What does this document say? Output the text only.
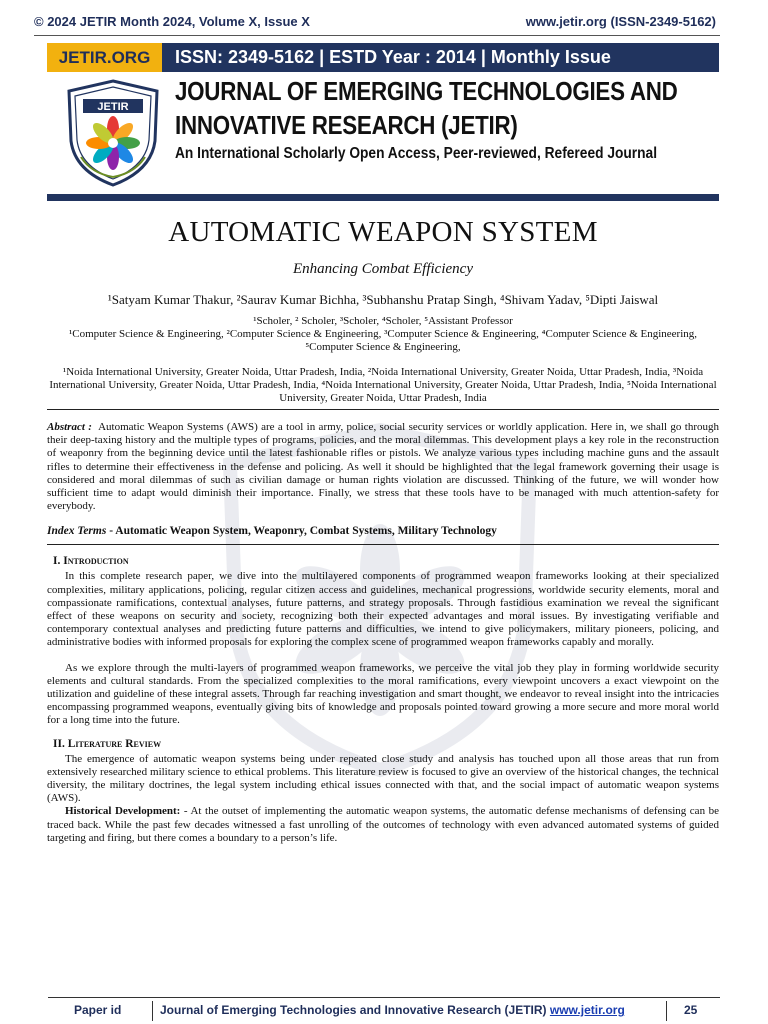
© 2024 JETIR Month 2024, Volume X, Issue X	www.jetir.org (ISSN-2349-5162)
JETIR.ORG	ISSN: 2349-5162 | ESTD Year : 2014 | Monthly Issue
JETIR
JOURNAL OF EMERGING TECHNOLOGIES AND
INNOVATIVE RESEARCH (JETIR)
An International Scholarly Open Access, Peer-reviewed, Refereed Journal
AUTOMATIC WEAPON SYSTEM
Enhancing Combat Efficiency
¹Satyam Kumar Thakur, ²Saurav Kumar Bichha, ³Subhanshu Pratap Singh, ⁴Shivam Yadav, ⁵Dipti Jaiswal
¹Scholer, ² Scholer, ³Scholer, ⁴Scholer, ⁵Assistant Professor
¹Computer Science & Engineering, ²Computer Science & Engineering, ³Computer Science & Engineering, ⁴Computer Science & Engineering, ⁵Computer Science & Engineering,
¹Noida International University, Greater Noida, Uttar Pradesh, India, ²Noida International University, Greater Noida, Uttar Pradesh, India, ³Noida International University, Greater Noida, Uttar Pradesh, India, ⁴Noida International University, Greater Noida, Uttar Pradesh, India, ⁵Noida International University, Greater Noida, Uttar Pradesh, India
Abstract : Automatic Weapon Systems (AWS) are a tool in army, police, social security services or worldly application. Here in, we shall go through their deep-taxing history and the multiple types of programs, policies, and the moral dilemmas. This development plays a key role in the reconstruction of weaponry from the beginning device until the latest fashionable rifles or pistols. We analyze various types including machine guns and the assault rifles to determine their effectiveness in the defense and policing. As well it should be highlighted that the legal framework governing their usage is considered and moral dilemmas of such as civilian damage or human rights violation are discussed. Thinking of the future, we will wonder how sufficient time to adapt would diminish their importance. Finally, we stress that these tools have to be managed with much attention-safety for everybody.
Index Terms - Automatic Weapon System, Weaponry, Combat Systems, Military Technology
I. Introduction

In this complete research paper, we dive into the multilayered components of programmed weapon frameworks looking at their specialized complexities, military applications, policing, regular citizen access and guidelines, mechanical progressions, worldwide security elements, moral and compassionate ramifications, contextual analyses, future patterns, and strategy proposals. Through fastidious examination we reveal the significant effect of these weapons on security and society, recognizing both their expected advantages and moral issues. By investigating verifiable and contemporary contextual analyses and predicting future patterns and difficulties, we intend to give policymakers, military pioneers, policing, and administrative bodies with informed proposals for exploring the complex scene of programmed weapon frameworks capably and morally.

As we explore through the multi-layers of programmed weapon frameworks, we perceive the vital job they play in forming worldwide security elements and cultural standards. From the specialized complexities to the moral ramifications, every viewpoint uncovers a exact viewpoint on the utilization and guideline of these integral assets. Through far reaching investigation and smart thought, we endeavor to reveal insight into the intricacies encompassing programmed weapons, eventually giving bits of knowledge and proposals pointed toward growing a more secure and more moral world for a long time into the future.

II. Literature Review

The emergence of automatic weapon systems being under repeated close study and analysis has touched upon all those areas that run from extensively researched military science to ethical problems. This literature review is focused to give an overview of the historical changes, the technical diversity, the military doctrines, the legal system including ethical issues connected with that, and the social impact of automatic weapon systems (AWS).

Historical Development: - At the outset of implementing the automatic weapon systems, the automatic defense mechanisms of defensing can be traced back. While the past few decades witnessed a fast unrolling of the outcomes of technology with even advanced automated systems of guided targeting and firing, but there comes a boundary to a person’s life.

Paper id	Journal of Emerging Technologies and Innovative Research (JETIR) www.jetir.org	25
